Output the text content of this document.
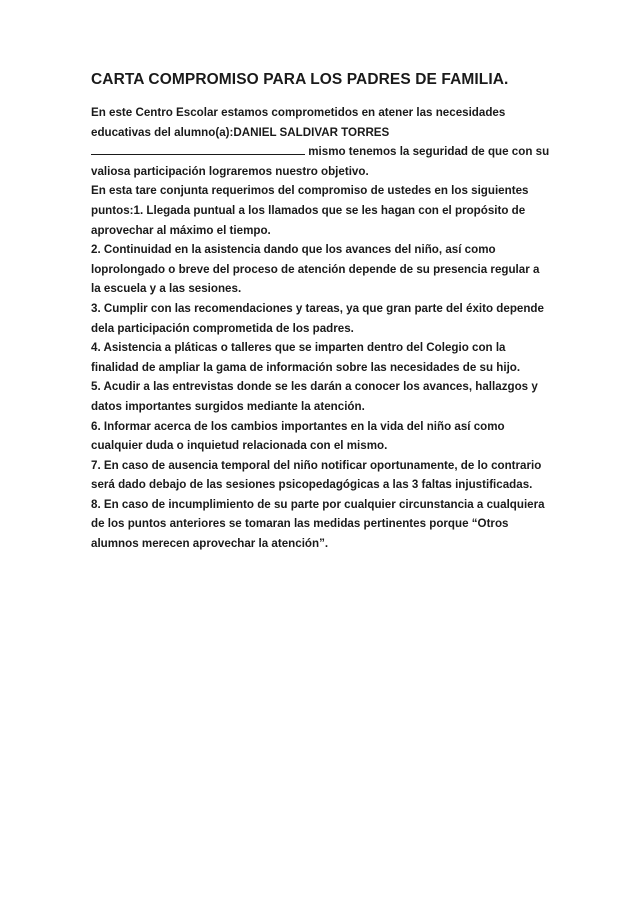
CARTA COMPROMISO PARA LOS PADRES DE FAMILIA.

En este Centro Escolar estamos comprometidos en atener las necesidades educativas del alumno(a):DANIEL SALDIVAR TORRES mismo tenemos la seguridad de que con su valiosa participación lograremos nuestro objetivo.

En esta tare conjunta requerimos del compromiso de ustedes en los siguientes puntos:1. Llegada puntual a los llamados que se les hagan con el propósito de aprovechar al máximo el tiempo.

2. Continuidad en la asistencia dando que los avances del niño, así como loprolongado o breve del proceso de atención depende de su presencia regular a la escuela y a las sesiones.

3. Cumplir con las recomendaciones y tareas, ya que gran parte del éxito depende dela participación comprometida de los padres.

4. Asistencia a pláticas o talleres que se imparten dentro del Colegio con la finalidad de ampliar la gama de información sobre las necesidades de su hijo.

5. Acudir a las entrevistas donde se les darán a conocer los avances, hallazgos y datos importantes surgidos mediante la atención.

6. Informar acerca de los cambios importantes en la vida del niño así como cualquier duda o inquietud relacionada con el mismo.

7. En caso de ausencia temporal del niño notificar oportunamente, de lo contrario será dado debajo de las sesiones psicopedagógicas a las 3 faltas injustificadas.

8. En caso de incumplimiento de su parte por cualquier circunstancia a cualquiera de los puntos anteriores se tomaran las medidas pertinentes porque “Otros alumnos merecen aprovechar la atención”.
